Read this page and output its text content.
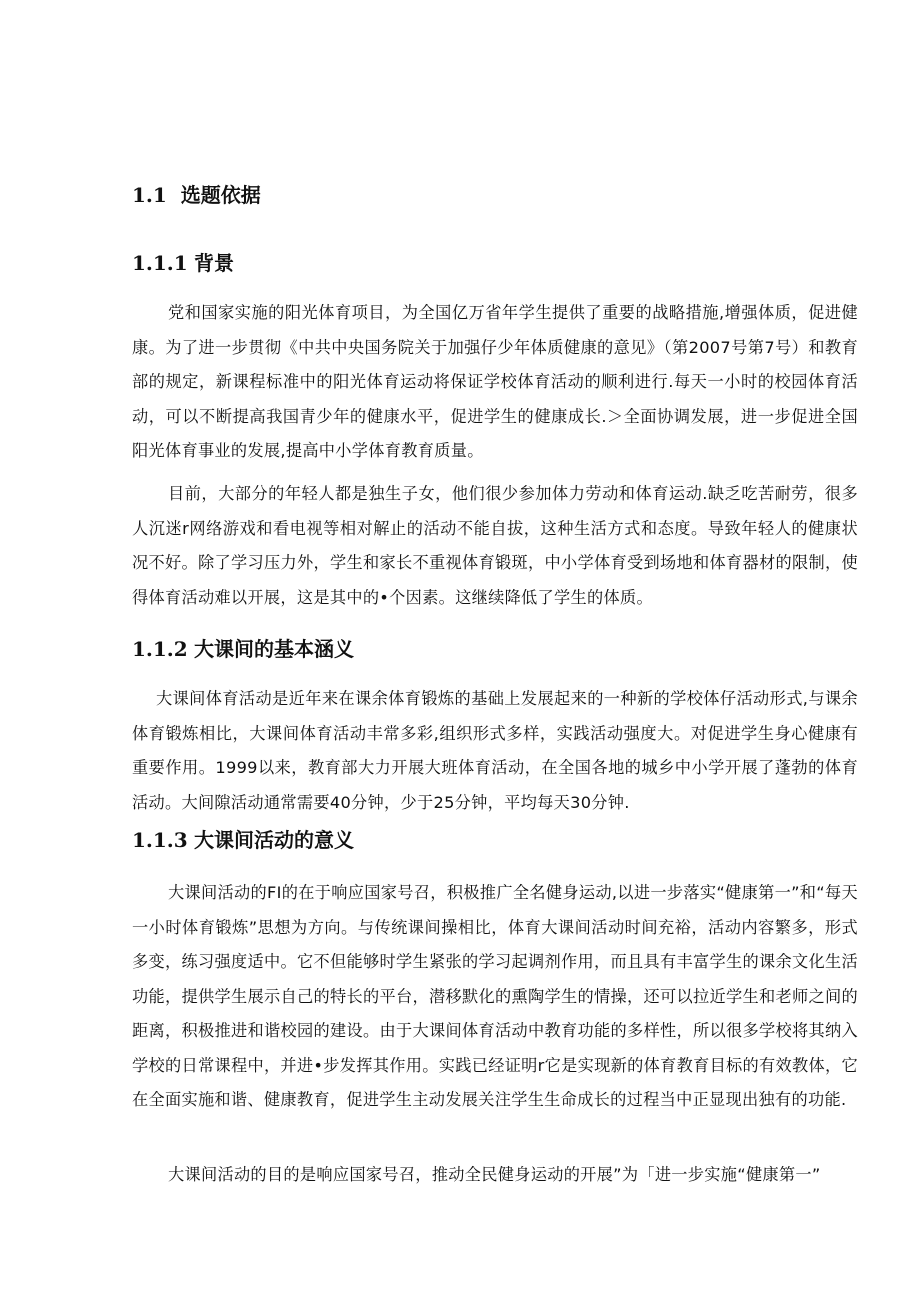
1.1 选题依据
1.1.1 背景
党和国家实施的阳光体育项目，为全国亿万省年学生提供了重要的战略措施,增强体质，促进健康。为了进一步贯彻《中共中央国务院关于加强仔少年体质健康的意见》（第2007号第7号）和教育部的规定，新课程标准中的阳光体育运动将保证学校体育活动的顺利进行.每天一小时的校园体育活动，可以不断提高我国青少年的健康水平，促进学生的健康成长.＞全面协调发展，进一步促进全国阳光体育事业的发展,提高中小学体育教育质量。
目前，大部分的年轻人都是独生子女，他们很少参加体力劳动和体育运动.缺乏吃苦耐劳，很多人沉迷r网络游戏和看电视等相对解止的活动不能自拔，这种生活方式和态度。导致年轻人的健康状况不好。除了学习压力外，学生和家长不重视体育锻斑，中小学体育受到场地和体育器材的限制，使得体育活动难以开展，这是其中的•个因素。这继续降低了学生的体质。
1.1.2 大课间的基本涵义
大课间体育活动是近年来在课余体育锻炼的基础上发展起来的一种新的学校体仔活动形式,与课余体育锻炼相比，大课间体育活动丰常多彩,组织形式多样，实践活动强度大。对促进学生身心健康有重要作用。1999以来，教育部大力开展大班体育活动，在全国各地的城乡中小学开展了蓬勃的体育活动。大间隙活动通常需要40分钟，少于25分钟，平均每天30分钟.
1.1.3 大课间活动的意义
大课间活动的FI的在于响应国家号召，积极推广全名健身运动,以进一步落实“健康第一”和“每天一小时体育锻炼”思想为方向。与传统课间操相比，体育大课间活动时间充裕，活动内容繁多，形式多变，练习强度适中。它不但能够时学生紧张的学习起调剂作用，而且具有丰富学生的课余文化生活功能，提供学生展示自己的特长的平台，潜移默化的熏陶学生的情操，还可以拉近学生和老师之间的距离，积极推进和谐校园的建设。由于大课间体育活动中教育功能的多样性，所以很多学校将其纳入学校的日常课程中，并进•步发挥其作用。实践已经证明r它是实现新的体育教育目标的有效教体，它在全面实施和谐、健康教育，促进学生主动发展关注学生生命成长的过程当中正显现出独有的功能.
大课间活动的目的是响应国家号召，推动全民健身运动的开展”为「进一步实施“健康第一”
